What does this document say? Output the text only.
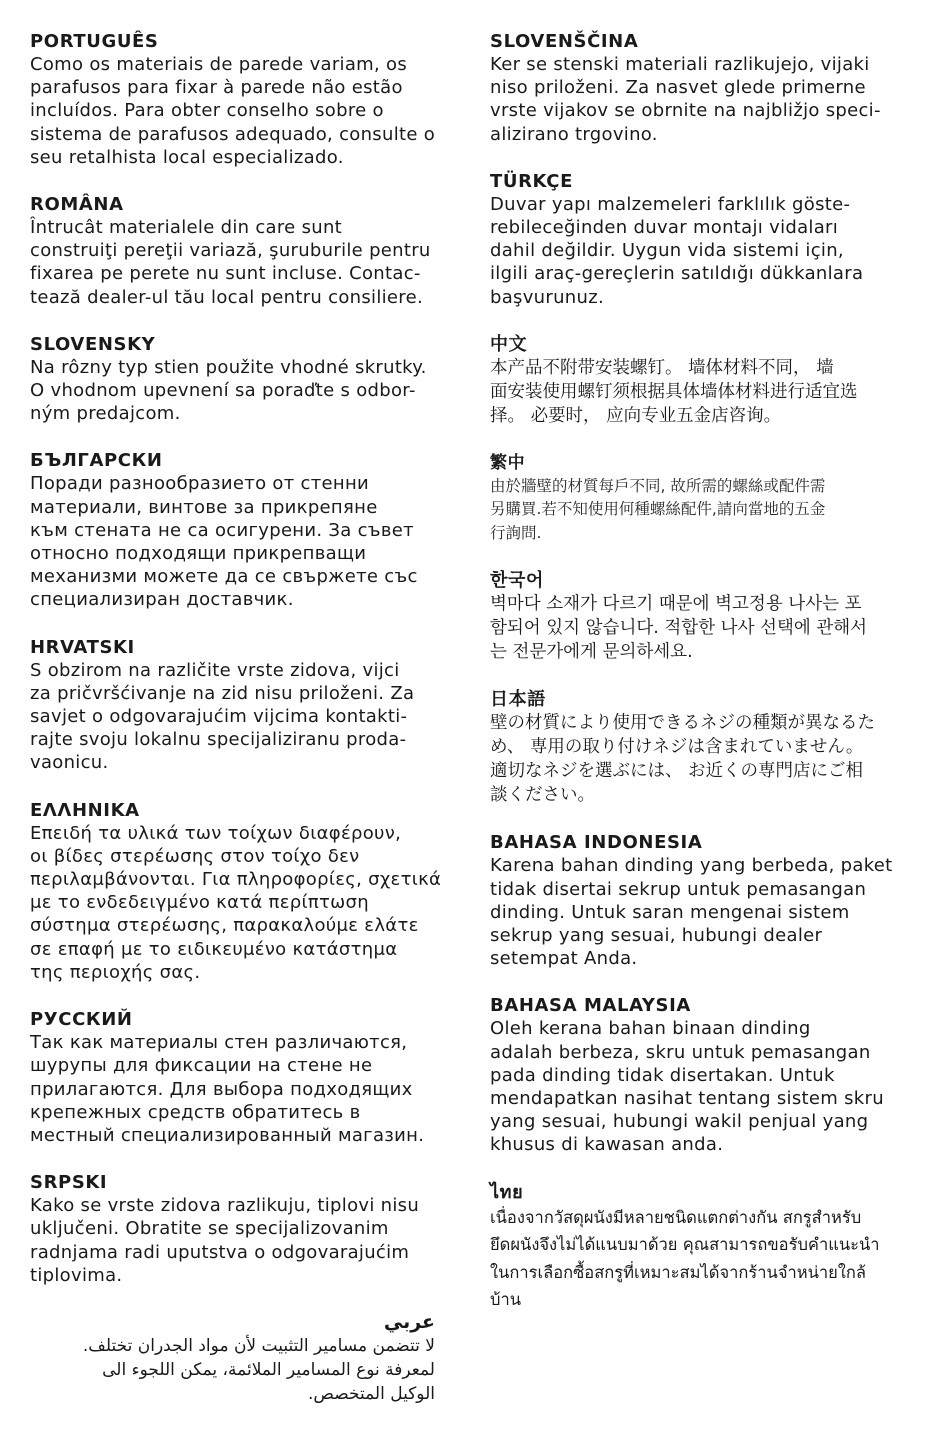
PORTUGUÊS
Como os materiais de parede variam, os
parafusos para fixar à parede não estão
incluídos. Para obter conselho sobre o
sistema de parafusos adequado, consulte o
seu retalhista local especializado.
ROMÂNA
Întrucât materialele din care sunt
construiţi pereţii variază, şuruburile pentru
fixarea pe perete nu sunt incluse. Contac-
tează dealer-ul tău local pentru consiliere.
SLOVENSKY
Na rôzny typ stien použite vhodné skrutky.
O vhodnom upevnení sa poraďte s odbor-
ným predajcom.
БЪЛГАРСКИ
Поради разнообразието от стенни
материали, винтове за прикрепяне
към стената не са осигурени. За съвет
относно подходящи прикрепващи
механизми можете да се свържете със
специализиран доставчик.
HRVATSKI
S obzirom na različite vrste zidova, vijci
za pričvršćivanje na zid nisu priloženi. Za
savjet o odgovarajućim vijcima kontakti-
rajte svoju lokalnu specijaliziranu proda-
vaonicu.
ΕΛΛΗΝΙΚΑ
Επειδή τα υλικά των τοίχων διαφέρουν,
οι βίδες στερέωσης στον τοίχο δεν
περιλαμβάνονται. Για πληροφορίες, σχετικά
με το ενδεδειγμένο κατά περίπτωση
σύστημα στερέωσης, παρακαλούμε ελάτε
σε επαφή με το ειδικευμένο κατάστημα
της περιοχής σας.
РУССКИЙ
Так как материалы стен различаются,
шурупы для фиксации на стене не
прилагаются. Для выбора подходящих
крепежных средств обратитесь в
местный специализированный магазин.
SRPSKI
Kako se vrste zidova razlikuju, tiplovi nisu
uključeni. Obratite se specijalizovanim
radnjama radi uputstva o odgovarajućim
tiplovima.
عربي
لا تتضمن مسامير التثبيت لأن مواد الجدران تختلف.
لمعرفة نوع المسامير الملائمة، يمكن اللجوء الى
الوكيل المتخصص.
SLOVENŠČINA
Ker se stenski materiali razlikujejo, vijaki
niso priloženi. Za nasvet glede primerne
vrste vijakov se obrnite na najbližjo speci-
alizirano trgovino.
TÜRKÇE
Duvar yapı malzemeleri farklılık göste-
rebileceğinden duvar montajı vidaları
dahil değildir. Uygun vida sistemi için,
ilgili araç-gereçlerin satıldığı dükkanlara
başvurunuz.
中文
本产品不附带安装螺钉。 墙体材料不同， 墙
面安装使用螺钉须根据具体墙体材料进行适宜选
择。 必要时， 应向专业五金店咨询。
繁中
由於牆壁的材質每戶不同, 故所需的螺絲或配件需
另購買.若不知使用何種螺絲配件,請向當地的五金
行詢問.
한국어
벽마다 소재가 다르기 때문에 벽고정용 나사는 포
함되어 있지 않습니다. 적합한 나사 선택에 관해서
는 전문가에게 문의하세요.
日本語
壁の材質により使用できるネジの種類が異なるた
め、 専用の取り付けネジは含まれていません。
適切なネジを選ぶには、 お近くの専門店にご相
談ください。
BAHASA INDONESIA
Karena bahan dinding yang berbeda, paket
tidak disertai sekrup untuk pemasangan
dinding. Untuk saran mengenai sistem
sekrup yang sesuai, hubungi dealer
setempat Anda.
BAHASA MALAYSIA
Oleh kerana bahan binaan dinding
adalah berbeza, skru untuk pemasangan
pada dinding tidak disertakan. Untuk
mendapatkan nasihat tentang sistem skru
yang sesuai, hubungi wakil penjual yang
khusus di kawasan anda.
ไทย
เนื่องจากวัสดุผนังมีหลายชนิดแตกต่างกัน สกรูสำหรับ
ยึดผนังจึงไม่ได้แนบมาด้วย คุณสามารถขอรับคำแนะนำ
ในการเลือกซื้อสกรูที่เหมาะสมได้จากร้านจำหน่ายใกล้
บ้าน
